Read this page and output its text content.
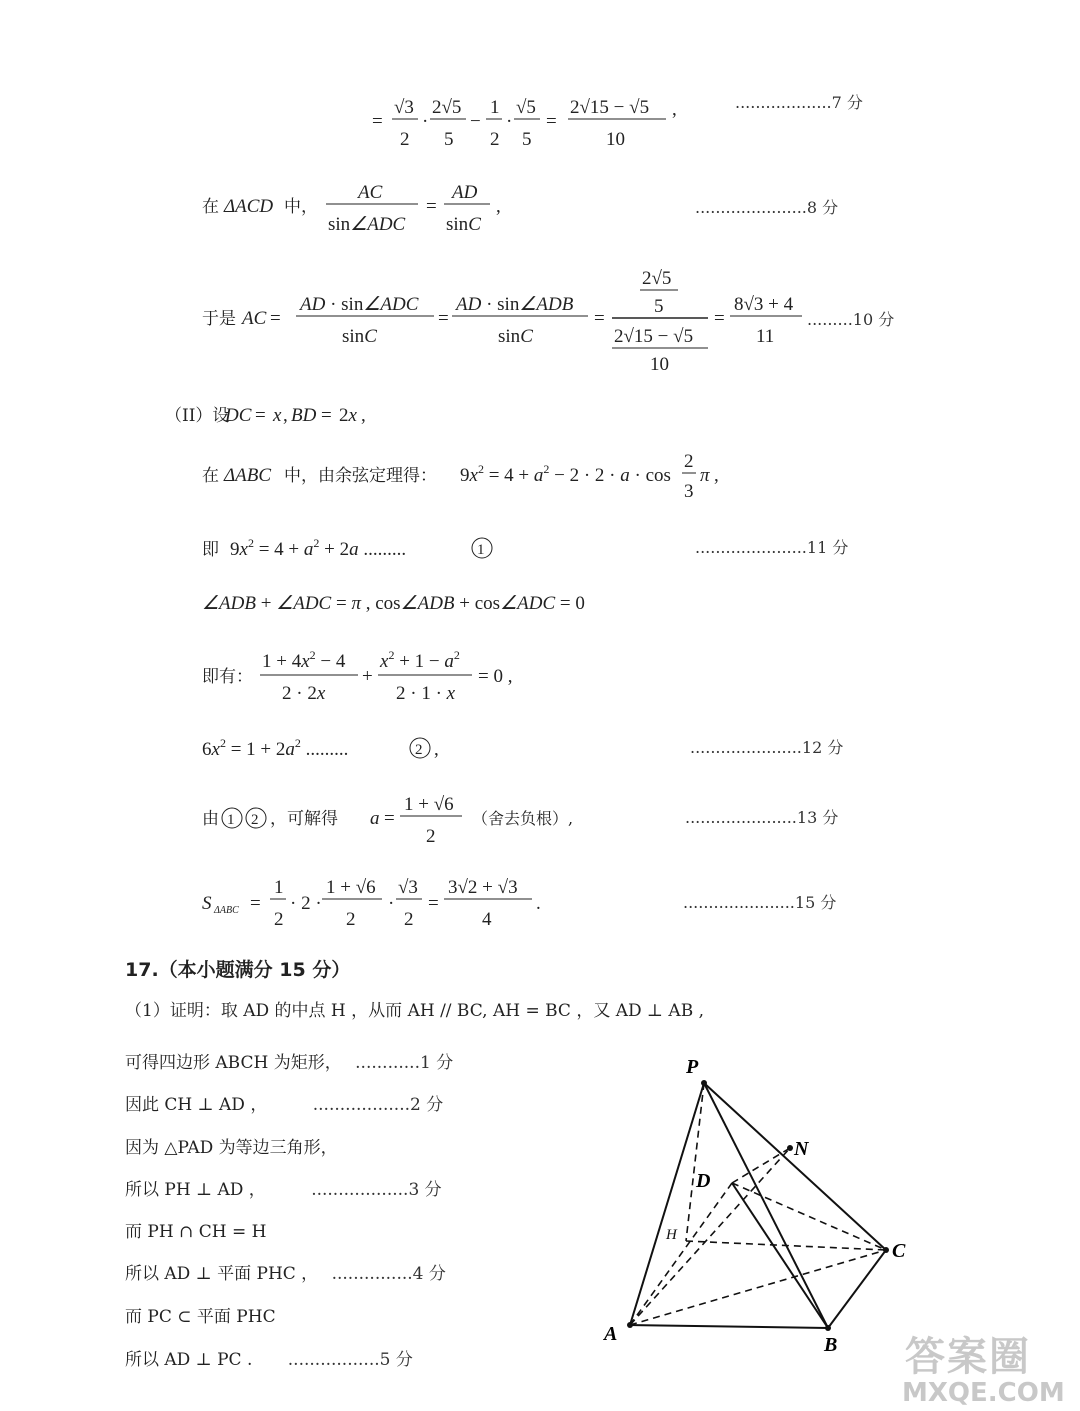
=
√3
2
·
2√5
5
−
1
2
·
√5
5
=
2√15 − √5
10
,	...................7 分
在 ΔACD 中，
AC
sin∠ADC
=
AD
sinC
,	......................8 分
于是 AC =
AD · sin∠ADC
sinC
=
AD · sin∠ADB
sinC
=
2√5
5
2√15 − √5
10
=
8√3 + 4
11
.........10 分
（II）设
DC = x , BD = 2x ,
在 ΔABC 中，由余弦定理得： $9x^2 = 4 + a^2 - 2 \cdot 2 \cdot a \cdot \cos$
2
3
π ,
即 $9x^2 = 4 + a^2 + 2a$ .........	1	......................11 分
∠ADB + ∠ADC = π , cos∠ADB + cos∠ADC = 0
即有：
$1 + 4x^2 - 4$
2 · 2x
+
$x^2 + 1 - a^2$
2 · 1 · x
= 0 ,
$6x^2 = 1 + 2a^2$ .........	2 ,	......................12 分
由 1 2 ，可解得 a =
1 + √6
2
（舍去负根）,	......................13 分
S ΔABC =
1
2
· 2 ·
1 + √6
2
·
√3
2
=
3√2 + √3
4
.	......................15 分
17.（本小题满分 15 分）
（1）证明：取 AD 的中点 H ，从而 AH // BC, AH = BC ，又 AD ⊥ AB ,
可得四边形 ABCH 为矩形， ............1 分
因此 CH ⊥ AD ，	..................2 分
因为 △PAD 为等边三角形，
所以 PH ⊥ AD ，	..................3 分
而 PH ∩ CH = H
所以 AD ⊥ 平面 PHC ， ...............4 分
而 PC ⊂ 平面 PHC
所以 AD ⊥ PC . .................5 分
P
N
D
H
C
A	B 答案圈
MXQE.COM
